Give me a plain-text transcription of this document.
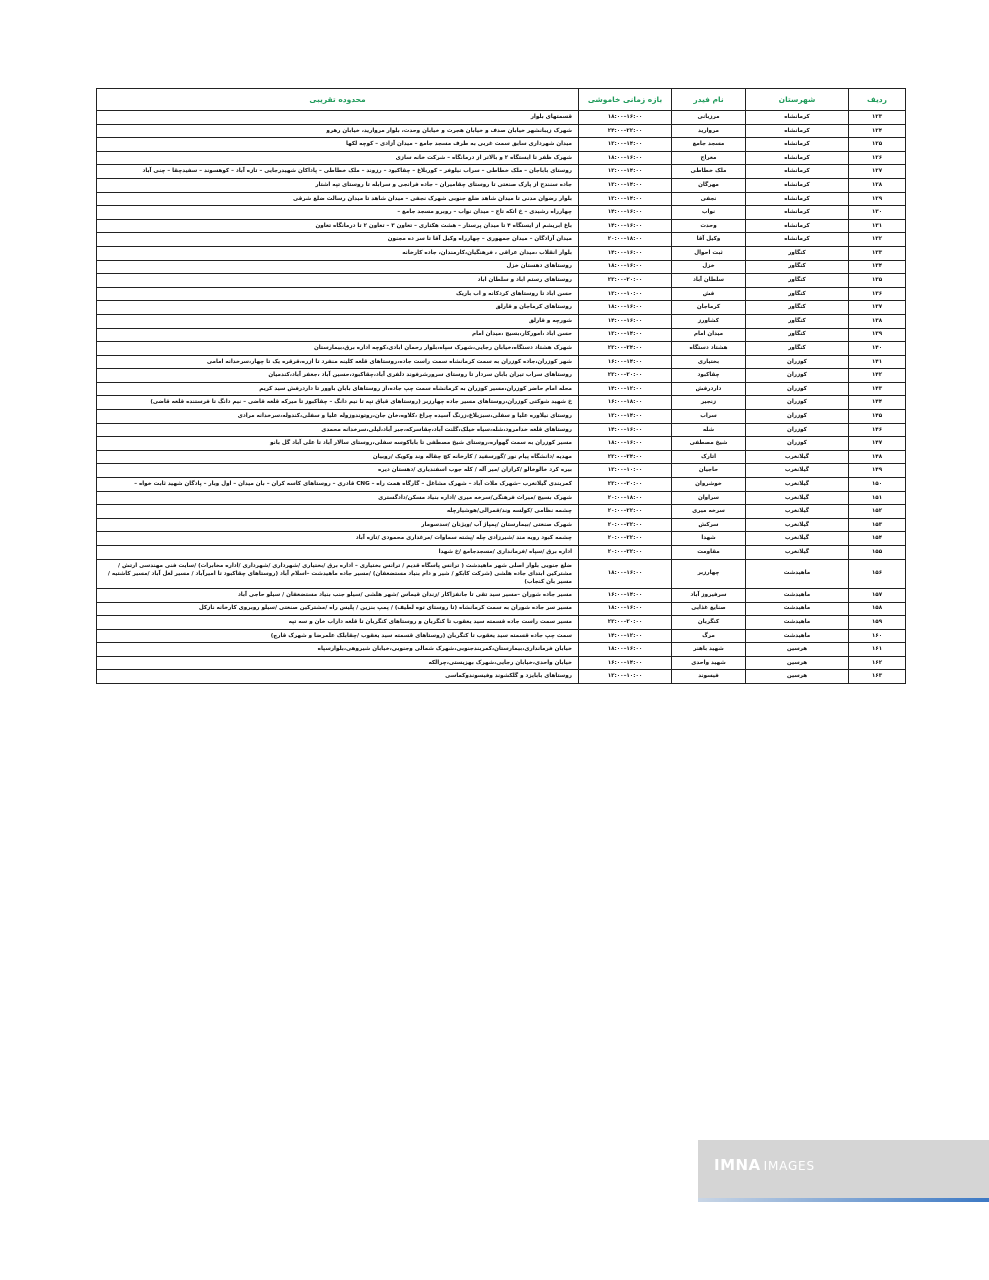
ردیف	شهرستان	نام فیدر	بازه زمانی خاموشی	محدوده تقریبی
۱۲۳	کرمانشاه	مرزبانی	۱۶:۰۰–۱۸:۰۰	قسمتهای بلوار
۱۲۴	کرمانشاه	مروارید	۲۲:۰۰–۲۴:۰۰	شهرک زیبانشهر خیابان صدف و خیابان هجرت و خیابان وحدت، بلوار مروارید، خیابان رهرو
۱۲۵	کرمانشاه	مسجد جامع	۱۴:۰۰–۱۲:۰۰	میدان شهرداری سابق سمت غربی به طرف مسجد جامع – میدان آزادی – کوچه لکها
۱۲۶	کرمانشاه	معراج	۱۶:۰۰–۱۸:۰۰	شهرک ظفر تا ایستگاه ۲ و بالاتر از درمانگاه – شرکت خانه سازی
۱۲۷	کرمانشاه	ملک خطاطی	۱۴:۰۰–۱۲:۰۰	روستای باباجان – ملک خطاطی – سراب نیلوفر – کوربلاغ – چقاکبود – رزوند – ملک خطاطی – پاداکان شهیدرجایی – تازه آباد – کوهسوند – سفیدچقا – چنی آباد
۱۲۸	کرمانشاه	مهرگان	۱۴:۰۰–۱۲:۰۰	جاده سنندج از پارک صنعتی تا روستای چقامیران – جاده فرانجی و سرابله تا روستای تپه اشتار
۱۲۹	کرمانشاه	نجفی	۱۴:۰۰–۱۲:۰۰	بلوار رضوان مدنی تا میدان شاهد ضلع جنوبی شهرک نجفی – میدان شاهد تا میدان رسالت ضلع شرقی
۱۳۰	کرمانشاه	نواب	۱۶:۰۰–۱۴:۰۰	چهارراه رشیدی – خ اتکه تاج – میدان نواب – روبرو مسجد جامع –
۱۳۱	کرمانشاه	وحدت	۱۶:۰۰–۱۴:۰۰	باغ ابریشم از ایستگاه ۴ تا میدان پرستار – هشت هکتاری – تعاون ۳ – تعاون ۲ تا درمانگاه تعاون
۱۳۲	کرمانشاه	وکیل آقا	۱۸:۰۰–۲۰:۰۰	میدان آزادگان – میدان جمهوری – چهارراه وکیل آقا تا سر ده مجنون
۱۳۳	کنگاور	ثبت احوال	۱۶:۰۰–۱۴:۰۰	بلوار انقلاب ،میدان عراقی ، فرهنگیان،کارمندان، جاده کارخانه
۱۳۴	کنگاور	خزل	۱۶:۰۰–۱۸:۰۰	روستاهای دهستان خزل
۱۳۵	کنگاور	سلطان آباد	۲۰:۰۰–۲۲:۰۰	روستاهای رستم اباد و سلطان اباد
۱۳۶	کنگاور	فش	۱۰:۰۰–۱۲:۰۰	حسن اباد تا روستاهای کردکانه و اب باریک
۱۳۷	کنگاور	کرماجان	۱۶:۰۰–۱۸:۰۰	روستاهای کرماجان و قارلق
۱۳۸	کنگاور	کشاورز	۱۶:۰۰–۱۴:۰۰	شورچه و قارلق
۱۳۹	کنگاور	میدان امام	۱۴:۰۰–۱۲:۰۰	حسن اباد ،امورکار،بسیج ،میدان امام
۱۴۰	کنگاور	هشتاد دستگاه	۲۴:۰۰–۲۲:۰۰	شهرک هشتاد دستگاه،خیابان رجایی،شهرک سپاه،بلوار رحمان ابادی،کوچه اداره برق،بیمارستان
۱۴۱	کوزران	بختیاری	۱۴:۰۰–۱۶:۰۰	شهر کوزران،جاده کوزران به سمت کرمانشاه سمت راست جاده،روستاهای قلعه کلینه منفرد تا ازره،قرقره یک تا چهار،سرخدانه امامی
۱۴۲	کوزران	چقاکبود	۲۰:۰۰–۲۲:۰۰	روستاهای سراب تیران بابان سردار تا روستای سرورشرفوند دلفری آباد،چقاکبود،حسین آباد ،جعفر آباد،کندمیان
۱۴۳	کوزران	داردرفش	۱۲:۰۰–۱۴:۰۰	محله امام حاضر کوزران،مسیر کوزران به کرمانشاه سمت چپ جاده،از روستاهای بابان باوور تا داردرفش سید کریم
۱۴۴	کوزران	زنجیر	۱۸:۰۰–۱۶:۰۰	خ شهید شوکتی کوزران،روستاهای مسیر جاده چهارزبر (روستاهای قباق تپه تا نیم دانگ – چقاکبوز تا میرکه قلعه قاضی – نیم دانگ تا فرستنده قلعه قاضی)
۱۴۵	کوزران	سراب	۱۴:۰۰–۱۲:۰۰	روستای نیلاوره علیا و سفلی،سبزبلاغ،زرنگ آسیده چراغ ،کلاوه،خان جان،روتوندوزوله علیا و سفلی،کندوله،سرخدانه مرادی
۱۴۶	کوزران	شله	۱۶:۰۰–۱۴:۰۰	روستاهای قلعه خدامرود،شله،سیاه خیلک،گلنت آباد،چقاسرکه،جبر آباد،لیلی،سرخدانه محمدی
۱۴۷	کوزران	شیخ مصطفی	۱۶:۰۰–۱۸:۰۰	مسیر کوزران به سمت گهواره،روستای شیخ مصطفی تا باباکوسه سفلی،روستای سالار آباد تا علی آباد گل بانو
۱۴۸	گیلانغرب	اتارک	۲۴:۰۰–۲۲:۰۰	مهدیه /دانشگاه پیام نور /گورسفید / کارخانه کچ چقاله وند وکویک /روبیان
۱۴۹	گیلانغرب	حاجیان	۱۰:۰۰–۱۲:۰۰	بیره کرد خالوخالو /کرازان /میر آله / کله جوب اسفندیاری /دهستان دیره
۱۵۰	گیلانغرب	خوشروان	۲۰:۰۰–۲۲:۰۰	کمربندی گیلانغرب –شهرک ملات آباد – شهرک مشاغل – گارگاه همت راه – CNG قادری – روستاهای کاسه کران – بان میدان – اول وبار – پادگان شهید ثابت خواه –
۱۵۱	گیلانغرب	سراوان	۱۸:۰۰–۲۰:۰۰	شهرک بسیج /میراث فرهنگی/سرخه میری /اداره بنیاد مسکن/دادگستری
۱۵۲	گیلانغرب	سرخه میری	۲۲:۰۰–۲۰:۰۰	چشمه نظامی /کولسه وند/قمرالی/هوشیارچله
۱۵۳	گیلانغرب	سرکش	۲۲:۰۰–۲۰:۰۰	شهرک صنعتی /بیمارستان /پمپاژ آب /ویژنان /سدسومار
۱۵۴	گیلانغرب	شهدا	۲۲:۰۰–۲۰:۰۰	چشمه کبود روبه مند /شیرزادی چله /پشته سماوات /مرغداری محمودی /تازه آباد
۱۵۵	گیلانغرب	مقاومت	۲۲:۰۰–۲۰:۰۰	اداره برق /سپاه /فرمانداری /مسجدجامع /خ شهدا
۱۵۶	ماهیدشت	چهارزبر	۱۶:۰۰–۱۸:۰۰	ضلع جنوبی بلوار اصلی شهر ماهیدشت ( ترانس پاسگاه قدیم / ترانس بختیاری – اداره برق /بختیاری /شهرداری /شهرداری /اداره مخابرات) /سایت فنی مهندسی ارتش / مشترکین ابتدای جاده هلشی (شرکت کابکو / شیر و دام بنیاد مستضعفان) /مسیر جاده ماهیدشت –اسلام آباد (روستاهای چقاکبود تا امیرآباد / مسیر لعل آباد /مسیر کاشتیه / مسیر بان کنجاب)
۱۵۷	ماهیدشت	سرفیروز آباد	۱۴:۰۰–۱۶:۰۰	مسیر جاده شوران –مسیر سید تقی تا جانفزاکار /زندان قیماس /شهر هلشی /سیلو جنب بنیاد مستضعفان / سیلو حاجی آباد
۱۵۸	ماهیدشت	صنایع غذایی	۱۶:۰۰–۱۸:۰۰	مسیر سر جاده شوران به سمت کرمانشاه (تا روستای توه لطیف) / پمپ بنزین / پلیس راه /مشترکین صنعتی /سیلو روبروی کارخانه نازکل
۱۵۹	ماهیدشت	کنگربان	۲۰:۰۰–۲۲:۰۰	مسیر سمت راست جاده قسمته سید یعقوب تا کنگربان و روستاهای کنگربان تا قلعه داراب خان و سه تپه
۱۶۰	ماهیدشت	مرگ	۱۲:۰۰–۱۴:۰۰	سمت چپ جاده قسمته سید یعقوب تا کنگربان (روستاهای قسمته سید یعقوب /چقابلک علمرضا و شهرک قارچ)
۱۶۱	هرسین	شهید باهنر	۱۶:۰۰–۱۸:۰۰	خیابان فرمانداری،بیمارستان،کمربندجنوبی،شهرک شمالی وجنوبی،خیابان شیروهی،بلوارسپاه
۱۶۲	هرسین	شهید واحدی	۱۴:۰۰–۱۶:۰۰	خیابان واحدی،خیابان رجایی،شهرک بهزیستی،چرالکه
۱۶۳	هرسین	فیسوند	۱۰:۰۰–۱۲:۰۰	روستاهای بابایزد و گلکشوند وفیسوندوکماسی
IMNA IMAGES
